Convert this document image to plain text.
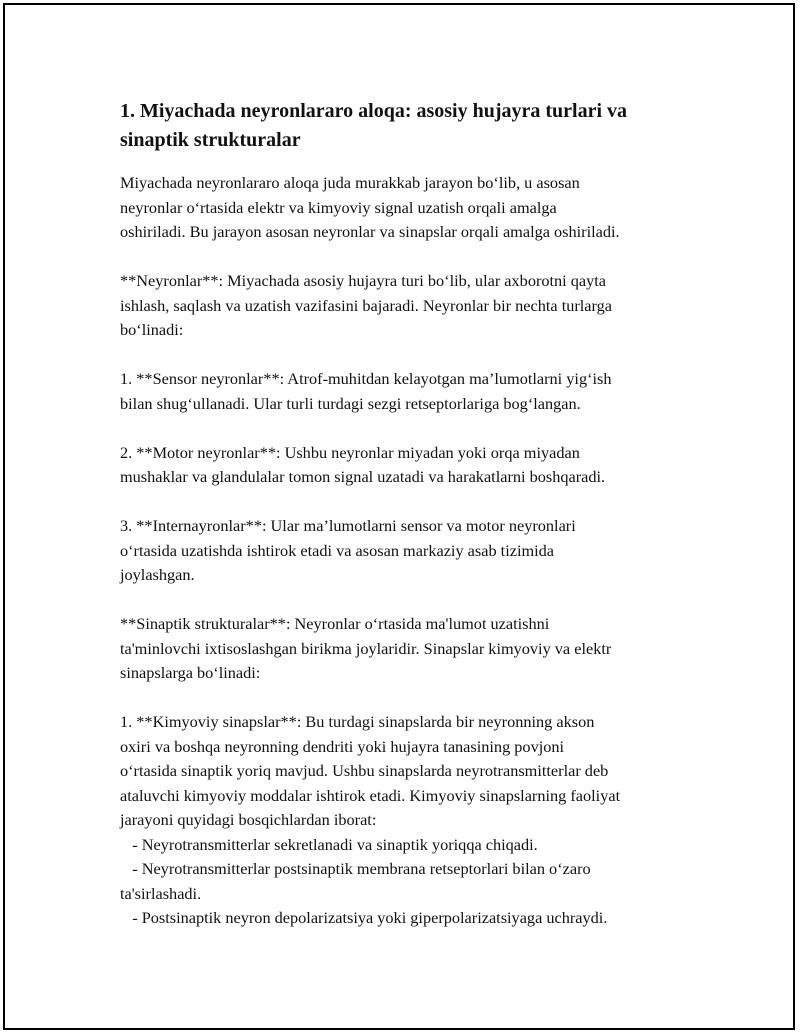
1. Miyachada neyronlararo aloqa: asosiy hujayra turlari va
sinaptik strukturalar
Miyachada neyronlararo aloqa juda murakkab jarayon bo‘lib, u asosan
neyronlar o‘rtasida elektr va kimyoviy signal uzatish orqali amalga
oshiriladi. Bu jarayon asosan neyronlar va sinapslar orqali amalga oshiriladi.
**Neyronlar**: Miyachada asosiy hujayra turi bo‘lib, ular axborotni qayta
ishlash, saqlash va uzatish vazifasini bajaradi. Neyronlar bir nechta turlarga
bo‘linadi:
1. **Sensor neyronlar**: Atrof-muhitdan kelayotgan ma’lumotlarni yig‘ish
bilan shug‘ullanadi. Ular turli turdagi sezgi retseptorlariga bog‘langan.
2. **Motor neyronlar**: Ushbu neyronlar miyadan yoki orqa miyadan
mushaklar va glandulalar tomon signal uzatadi va harakatlarni boshqaradi.
3. **Internayronlar**: Ular ma’lumotlarni sensor va motor neyronlari
o‘rtasida uzatishda ishtirok etadi va asosan markaziy asab tizimida
joylashgan.
**Sinaptik strukturalar**: Neyronlar o‘rtasida ma'lumot uzatishni
ta'minlovchi ixtisoslashgan birikma joylaridir. Sinapslar kimyoviy va elektr
sinapslarga bo‘linadi:
1. **Kimyoviy sinapslar**: Bu turdagi sinapslarda bir neyronning akson
oxiri va boshqa neyronning dendriti yoki hujayra tanasining povjoni
o‘rtasida sinaptik yoriq mavjud. Ushbu sinapslarda neyrotransmitterlar deb
ataluvchi kimyoviy moddalar ishtirok etadi. Kimyoviy sinapslarning faoliyat
jarayoni quyidagi bosqichlardan iborat:
- Neyrotransmitterlar sekretlanadi va sinaptik yoriqqa chiqadi.
- Neyrotransmitterlar postsinaptik membrana retseptorlari bilan o‘zaro
ta'sirlashadi.
- Postsinaptik neyron depolarizatsiya yoki giperpolarizatsiyaga uchraydi.
